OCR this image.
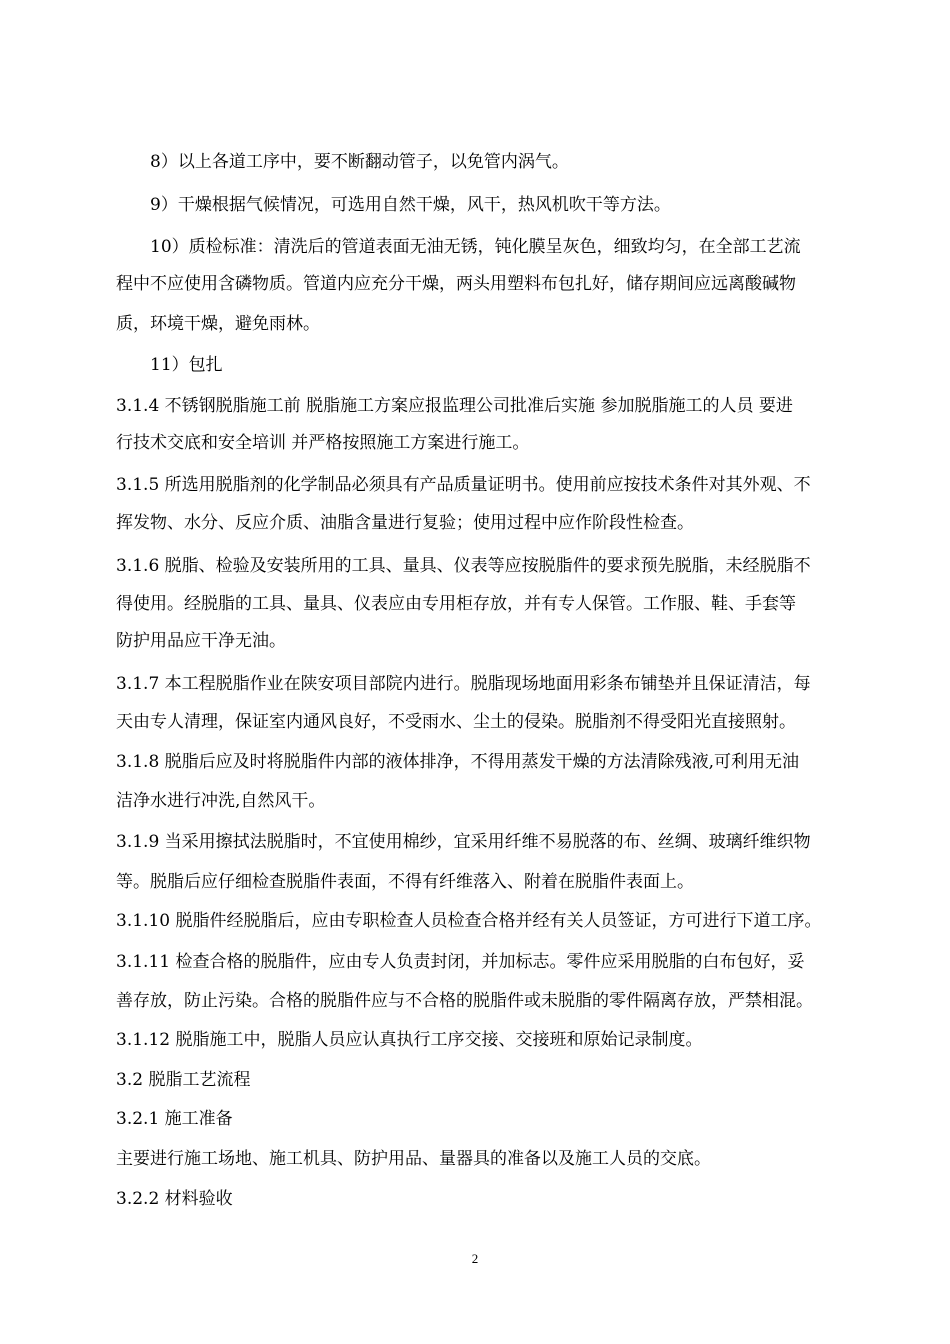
8）以上各道工序中，要不断翻动管子，以免管内涡气。
9）干燥根据气候情况，可选用自然干燥，风干，热风机吹干等方法。
10）质检标准：清洗后的管道表面无油无锈，钝化膜呈灰色，细致均匀，在全部工艺流
程中不应使用含磷物质。管道内应充分干燥，两头用塑料布包扎好，储存期间应远离酸碱物
质，环境干燥，避免雨林。
11）包扎
3.1.4 不锈钢脱脂施工前 脱脂施工方案应报监理公司批准后实施 参加脱脂施工的人员 要进
行技术交底和安全培训 并严格按照施工方案进行施工。
3.1.5 所选用脱脂剂的化学制品必须具有产品质量证明书。使用前应按技术条件对其外观、不
挥发物、水分、反应介质、油脂含量进行复验；使用过程中应作阶段性检查。
3.1.6 脱脂、检验及安装所用的工具、量具、仪表等应按脱脂件的要求预先脱脂，未经脱脂不
得使用。经脱脂的工具、量具、仪表应由专用柜存放，并有专人保管。工作服、鞋、手套等
防护用品应干净无油。
3.1.7 本工程脱脂作业在陕安项目部院内进行。脱脂现场地面用彩条布铺垫并且保证清洁，每
天由专人清理，保证室内通风良好，不受雨水、尘土的侵染。脱脂剂不得受阳光直接照射。
3.1.8 脱脂后应及时将脱脂件内部的液体排净，不得用蒸发干燥的方法清除残液,可利用无油
洁净水进行冲洗,自然风干。
3.1.9 当采用擦拭法脱脂时，不宜使用棉纱，宜采用纤维不易脱落的布、丝绸、玻璃纤维织物
等。脱脂后应仔细检查脱脂件表面，不得有纤维落入、附着在脱脂件表面上。
3.1.10 脱脂件经脱脂后，应由专职检查人员检查合格并经有关人员签证，方可进行下道工序。
3.1.11 检查合格的脱脂件，应由专人负责封闭，并加标志。零件应采用脱脂的白布包好，妥
善存放，防止污染。合格的脱脂件应与不合格的脱脂件或未脱脂的零件隔离存放，严禁相混。
3.1.12 脱脂施工中，脱脂人员应认真执行工序交接、交接班和原始记录制度。
3.2 脱脂工艺流程
3.2.1 施工准备
主要进行施工场地、施工机具、防护用品、量器具的准备以及施工人员的交底。
3.2.2 材料验收
2
